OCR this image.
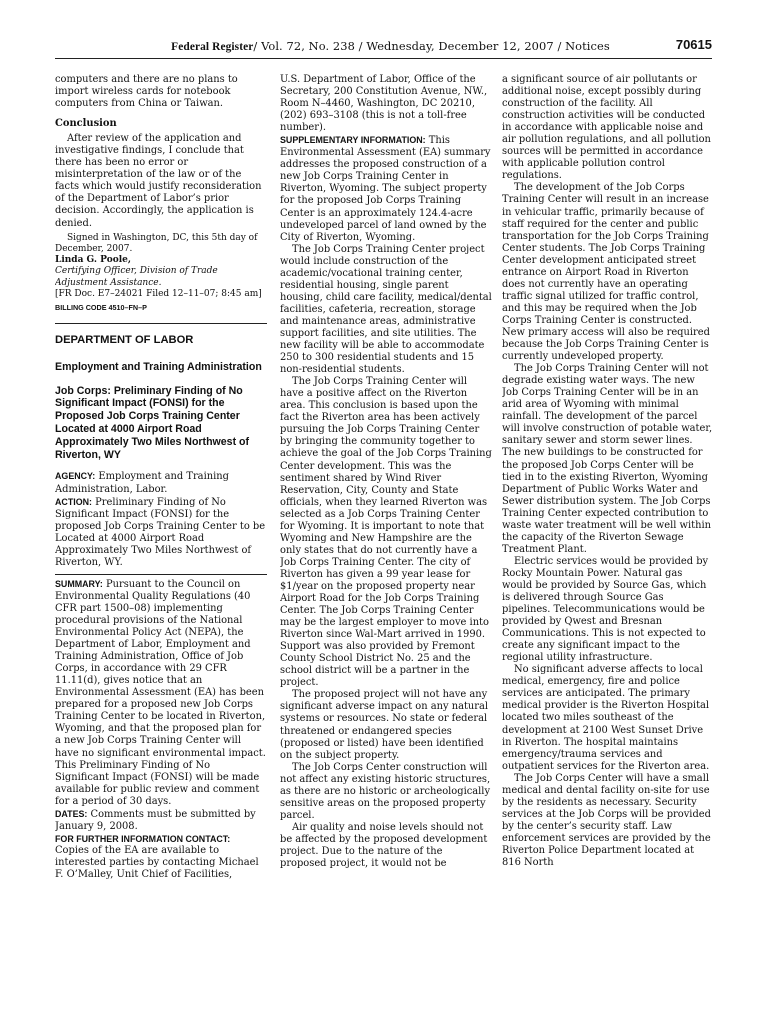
Federal Register/ Vol. 72, No. 238 / Wednesday, December 12, 2007 / Notices	70615

computers and there are no plans to import wireless cards for notebook computers from China or Taiwan.

Conclusion

After review of the application and investigative findings, I conclude that there has been no error or misinterpretation of the law or of the facts which would justify reconsideration of the Department of Labor’s prior decision. Accordingly, the application is denied.

Signed in Washington, DC, this 5th day of December, 2007.

Linda G. Poole,

Certifying Officer, Division of Trade Adjustment Assistance.

[FR Doc. E7–24021 Filed 12–11–07; 8:45 am]

BILLING CODE 4510–FN–P

DEPARTMENT OF LABOR

Employment and Training Administration

Job Corps: Preliminary Finding of No Significant Impact (FONSI) for the Proposed Job Corps Training Center Located at 4000 Airport Road Approximately Two Miles Northwest of Riverton, WY

AGENCY: Employment and Training Administration, Labor.

ACTION: Preliminary Finding of No Significant Impact (FONSI) for the proposed Job Corps Training Center to be Located at 4000 Airport Road Approximately Two Miles Northwest of Riverton, WY.

SUMMARY: Pursuant to the Council on Environmental Quality Regulations (40 CFR part 1500–08) implementing procedural provisions of the National Environmental Policy Act (NEPA), the Department of Labor, Employment and Training Administration, Office of Job Corps, in accordance with 29 CFR 11.11(d), gives notice that an Environmental Assessment (EA) has been prepared for a proposed new Job Corps Training Center to be located in Riverton, Wyoming, and that the proposed plan for a new Job Corps Training Center will have no significant environmental impact. This Preliminary Finding of No Significant Impact (FONSI) will be made available for public review and comment for a period of 30 days.

DATES: Comments must be submitted by January 9, 2008.

FOR FURTHER INFORMATION CONTACT:

Copies of the EA are available to interested parties by contacting Michael F. O’Malley, Unit Chief of Facilities,

U.S. Department of Labor, Office of the Secretary, 200 Constitution Avenue, NW., Room N–4460, Washington, DC 20210, (202) 693–3108 (this is not a toll-free number).

SUPPLEMENTARY INFORMATION: This Environmental Assessment (EA) summary addresses the proposed construction of a new Job Corps Training Center in Riverton, Wyoming. The subject property for the proposed Job Corps Training Center is an approximately 124.4-acre undeveloped parcel of land owned by the City of Riverton, Wyoming.

The Job Corps Training Center project would include construction of the academic/vocational training center, residential housing, single parent housing, child care facility, medical/dental facilities, cafeteria, recreation, storage and maintenance areas, administrative support facilities, and site utilities. The new facility will be able to accommodate 250 to 300 residential students and 15 non-residential students.

The Job Corps Training Center will have a positive affect on the Riverton area. This conclusion is based upon the fact the Riverton area has been actively pursuing the Job Corps Training Center by bringing the community together to achieve the goal of the Job Corps Training Center development. This was the sentiment shared by Wind River Reservation, City, County and State officials, when they learned Riverton was selected as a Job Corps Training Center for Wyoming. It is important to note that Wyoming and New Hampshire are the only states that do not currently have a Job Corps Training Center. The city of Riverton has given a 99 year lease for $1/year on the proposed property near Airport Road for the Job Corps Training Center. The Job Corps Training Center may be the largest employer to move into Riverton since Wal-Mart arrived in 1990. Support was also provided by Fremont County School District No. 25 and the school district will be a partner in the project.

The proposed project will not have any significant adverse impact on any natural systems or resources. No state or federal threatened or endangered species (proposed or listed) have been identified on the subject property.

The Job Corps Center construction will not affect any existing historic structures, as there are no historic or archeologically sensitive areas on the proposed property parcel.

Air quality and noise levels should not be affected by the proposed development project. Due to the nature of the proposed project, it would not be

a significant source of air pollutants or additional noise, except possibly during construction of the facility. All construction activities will be conducted in accordance with applicable noise and air pollution regulations, and all pollution sources will be permitted in accordance with applicable pollution control regulations.

The development of the Job Corps Training Center will result in an increase in vehicular traffic, primarily because of staff required for the center and public transportation for the Job Corps Training Center students. The Job Corps Training Center development anticipated street entrance on Airport Road in Riverton does not currently have an operating traffic signal utilized for traffic control, and this may be required when the Job Corps Training Center is constructed. New primary access will also be required because the Job Corps Training Center is currently undeveloped property.

The Job Corps Training Center will not degrade existing water ways. The new Job Corps Training Center will be in an arid area of Wyoming with minimal rainfall. The development of the parcel will involve construction of potable water, sanitary sewer and storm sewer lines. The new buildings to be constructed for the proposed Job Corps Center will be tied in to the existing Riverton, Wyoming Department of Public Works Water and Sewer distribution system. The Job Corps Training Center expected contribution to waste water treatment will be well within the capacity of the Riverton Sewage Treatment Plant.

Electric services would be provided by Rocky Mountain Power. Natural gas would be provided by Source Gas, which is delivered through Source Gas pipelines. Telecommunications would be provided by Qwest and Bresnan Communications. This is not expected to create any significant impact to the regional utility infrastructure.

No significant adverse affects to local medical, emergency, fire and police services are anticipated. The primary medical provider is the Riverton Hospital located two miles southeast of the development at 2100 West Sunset Drive in Riverton. The hospital maintains emergency/trauma services and outpatient services for the Riverton area.

The Job Corps Center will have a small medical and dental facility on-site for use by the residents as necessary. Security services at the Job Corps will be provided by the center’s security staff. Law enforcement services are provided by the Riverton Police Department located at 816 North
